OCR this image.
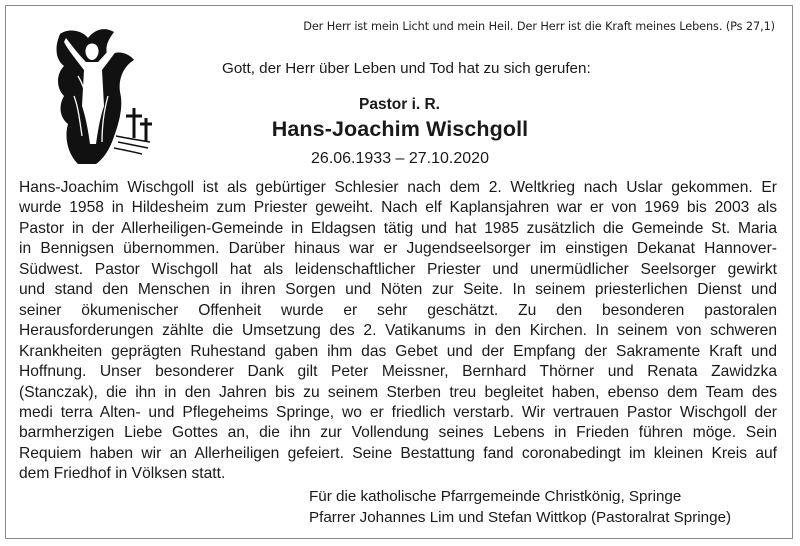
Der Herr ist mein Licht und mein Heil. Der Herr ist die Kraft meines Lebens. (Ps 27,1)
Gott, der Herr über Leben und Tod hat zu sich gerufen:
Pastor i. R.
Hans-Joachim Wischgoll
26.06.1933 – 27.10.2020
Hans-Joachim Wischgoll ist als gebürtiger Schlesier nach dem 2. Weltkrieg nach Uslar gekommen. Er
wurde 1958 in Hildesheim zum Priester geweiht. Nach elf Kaplansjahren war er von 1969 bis 2003 als
Pastor in der Allerheiligen-Gemeinde in Eldagsen tätig und hat 1985 zusätzlich die Gemeinde St. Maria
in Bennigsen übernommen. Darüber hinaus war er Jugendseelsorger im einstigen Dekanat Hannover-
Südwest. Pastor Wischgoll hat als leidenschaftlicher Priester und unermüdlicher Seelsorger gewirkt
und stand den Menschen in ihren Sorgen und Nöten zur Seite. In seinem priesterlichen Dienst und
seiner ökumenischer Offenheit wurde er sehr geschätzt. Zu den besonderen pastoralen
Herausforderungen zählte die Umsetzung des 2. Vatikanums in den Kirchen. In seinem von schweren
Krankheiten geprägten Ruhestand gaben ihm das Gebet und der Empfang der Sakramente Kraft und
Hoffnung. Unser besonderer Dank gilt Peter Meissner, Bernhard Thörner und Renata Zawidzka
(Stanczak), die ihn in den Jahren bis zu seinem Sterben treu begleitet haben, ebenso dem Team des
medi terra Alten- und Pflegeheims Springe, wo er friedlich verstarb. Wir vertrauen Pastor Wischgoll der
barmherzigen Liebe Gottes an, die ihn zur Vollendung seines Lebens in Frieden führen möge. Sein
Requiem haben wir an Allerheiligen gefeiert. Seine Bestattung fand coronabedingt im kleinen Kreis auf
dem Friedhof in Völksen statt.
Für die katholische Pfarrgemeinde Christkönig, Springe
Pfarrer Johannes Lim und Stefan Wittkop (Pastoralrat Springe)
